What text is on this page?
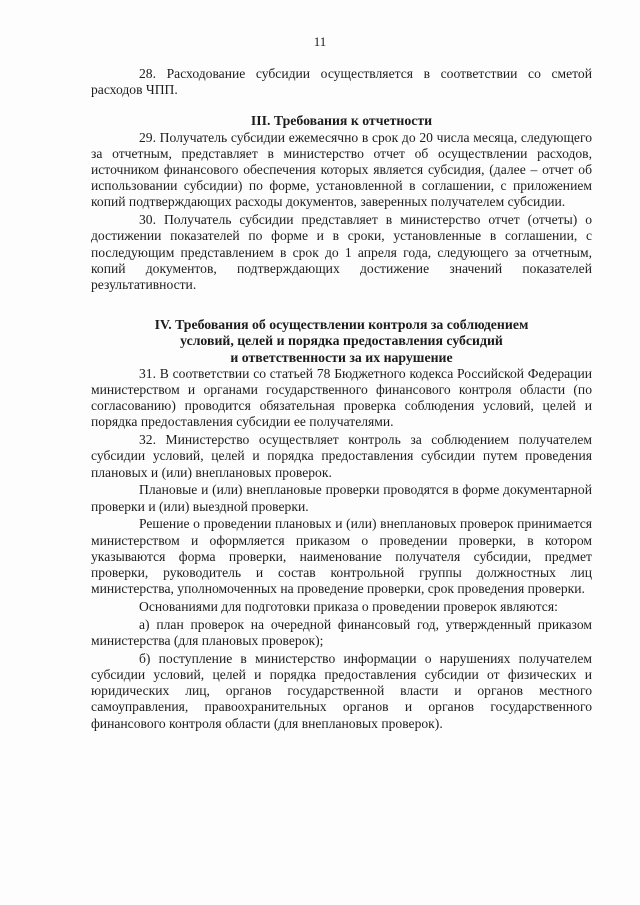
11

28. Расходование субсидии осуществляется в соответствии со сметой расходов ЧПП.

III. Требования к отчетности

29. Получатель субсидии ежемесячно в срок до 20 числа месяца, следующего за отчетным, представляет в министерство отчет об осуществлении расходов, источником финансового обеспечения которых является субсидия, (далее – отчет об использовании субсидии) по форме, установленной в соглашении, с приложением копий подтверждающих расходы документов, заверенных получателем субсидии.

30. Получатель субсидии представляет в министерство отчет (отчеты) о достижении показателей по форме и в сроки, установленные в соглашении, с последующим представлением в срок до 1 апреля года, следующего за отчетным, копий документов, подтверждающих достижение значений показателей результативности.

IV. Требования об осуществлении контроля за соблюдением
условий, целей и порядка предоставления субсидий
и ответственности за их нарушение

31. В соответствии со статьей 78 Бюджетного кодекса Российской Федерации министерством и органами государственного финансового контроля области (по согласованию) проводится обязательная проверка соблюдения условий, целей и порядка предоставления субсидии ее получателями.

32. Министерство осуществляет контроль за соблюдением получателем субсидии условий, целей и порядка предоставления субсидии путем проведения плановых и (или) внеплановых проверок.

Плановые и (или) внеплановые проверки проводятся в форме документарной проверки и (или) выездной проверки.

Решение о проведении плановых и (или) внеплановых проверок принимается министерством и оформляется приказом о проведении проверки, в котором указываются форма проверки, наименование получателя субсидии, предмет проверки, руководитель и состав контрольной группы должностных лиц министерства, уполномоченных на проведение проверки, срок проведения проверки.

Основаниями для подготовки приказа о проведении проверок являются:

а) план проверок на очередной финансовый год, утвержденный приказом министерства (для плановых проверок);

б) поступление в министерство информации о нарушениях получателем субсидии условий, целей и порядка предоставления субсидии от физических и юридических лиц, органов государственной власти и органов местного самоуправления, правоохранительных органов и органов государственного финансового контроля области (для внеплановых проверок).
